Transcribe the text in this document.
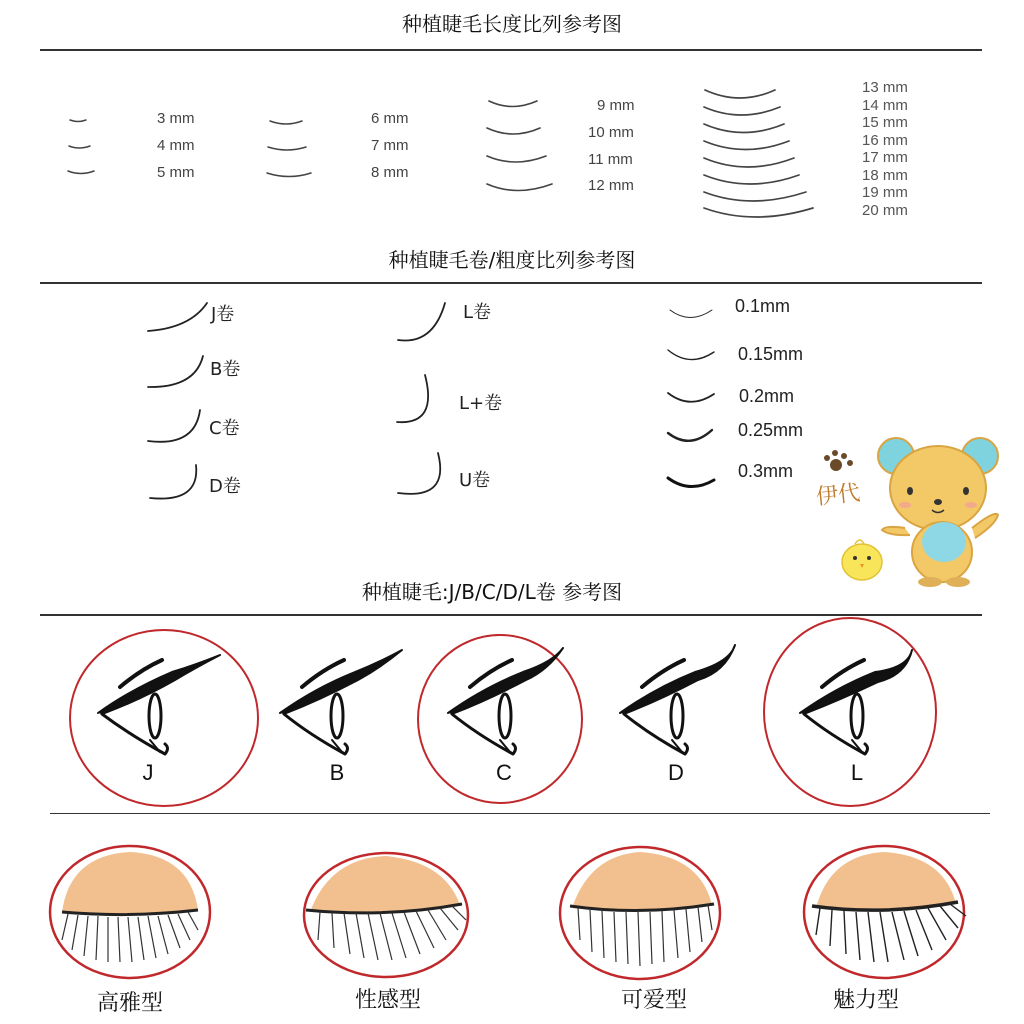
种植睫毛长度比列参考图
种植睫毛卷/粗度比列参考图
种植睫毛:J/B/C/D/L卷 参考图
3 mm
4 mm
5 mm
6 mm
7 mm
8 mm
9 mm
10 mm
11 mm
12 mm
13 mm
14 mm
15 mm
16 mm
17 mm
18 mm
19 mm
20 mm
J卷
B卷
C卷
D卷
L卷
L+卷
U卷
0.1mm
0.15mm
0.2mm
0.25mm
0.3mm
伊代
J	B	C	D	L
高雅型	性感型	可爱型	魅力型
